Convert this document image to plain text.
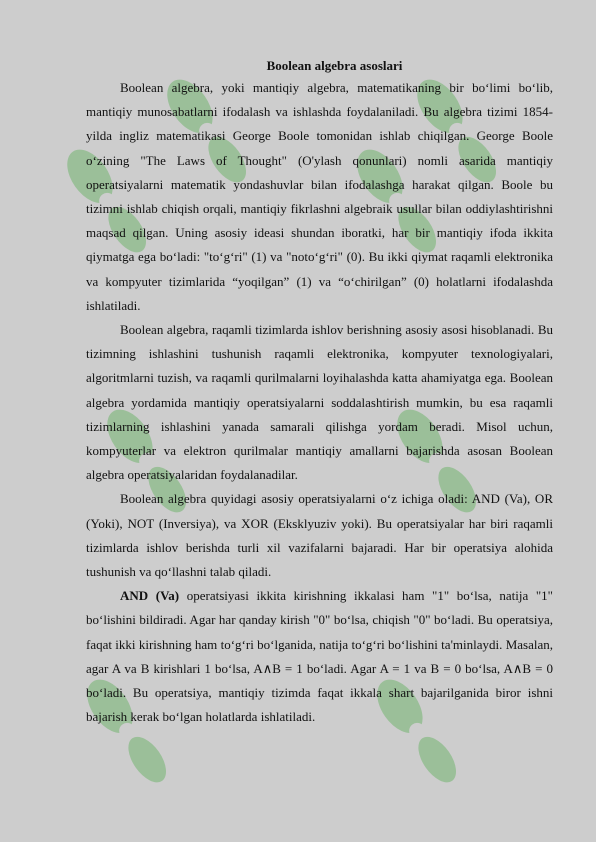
Boolean algebra asoslari

Boolean algebra, yoki mantiqiy algebra, matematikaning bir bo‘limi bo‘lib, mantiqiy munosabatlarni ifodalash va ishlashda foydalaniladi. Bu algebra tizimi 1854-yilda ingliz matematikasi George Boole tomonidan ishlab chiqilgan. George Boole o‘zining "The Laws of Thought" (O'ylash qonunlari) nomli asarida mantiqiy operatsiyalarni matematik yondashuvlar bilan ifodalashga harakat qilgan. Boole bu tizimni ishlab chiqish orqali, mantiqiy fikrlashni algebraik usullar bilan oddiylashtirishni maqsad qilgan. Uning asosiy ideasi shundan iboratki, har bir mantiqiy ifoda ikkita qiymatga ega bo‘ladi: "to‘g‘ri" (1) va "noto‘g‘ri" (0). Bu ikki qiymat raqamli elektronika va kompyuter tizimlarida “yoqilgan” (1) va “o‘chirilgan” (0) holatlarni ifodalashda ishlatiladi.

Boolean algebra, raqamli tizimlarda ishlov berishning asosiy asosi hisoblanadi. Bu tizimning ishlashini tushunish raqamli elektronika, kompyuter texnologiyalari, algoritmlarni tuzish, va raqamli qurilmalarni loyihalashda katta ahamiyatga ega. Boolean algebra yordamida mantiqiy operatsiyalarni soddalashtirish mumkin, bu esa raqamli tizimlarning ishlashini yanada samarali qilishga yordam beradi. Misol uchun, kompyuterlar va elektron qurilmalar mantiqiy amallarni bajarishda asosan Boolean algebra operatsiyalaridan foydalanadilar.

Boolean algebra quyidagi asosiy operatsiyalarni o‘z ichiga oladi: AND (Va), OR (Yoki), NOT (Inversiya), va XOR (Eksklyuziv yoki). Bu operatsiyalar har biri raqamli tizimlarda ishlov berishda turli xil vazifalarni bajaradi. Har bir operatsiya alohida tushunish va qo‘llashni talab qiladi.

AND (Va) operatsiyasi ikkita kirishning ikkalasi ham "1" bo‘lsa, natija "1" bo‘lishini bildiradi. Agar har qanday kirish "0" bo‘lsa, chiqish "0" bo‘ladi. Bu operatsiya, faqat ikki kirishning ham to‘g‘ri bo‘lganida, natija to‘g‘ri bo‘lishini ta'minlaydi. Masalan, agar A va B kirishlari 1 bo‘lsa, A∧B = 1 bo‘ladi. Agar A = 1 va B = 0 bo‘lsa, A∧B = 0 bo‘ladi. Bu operatsiya, mantiqiy tizimda faqat ikkala shart bajarilganida biror ishni bajarish kerak bo‘lgan holatlarda ishlatiladi.
